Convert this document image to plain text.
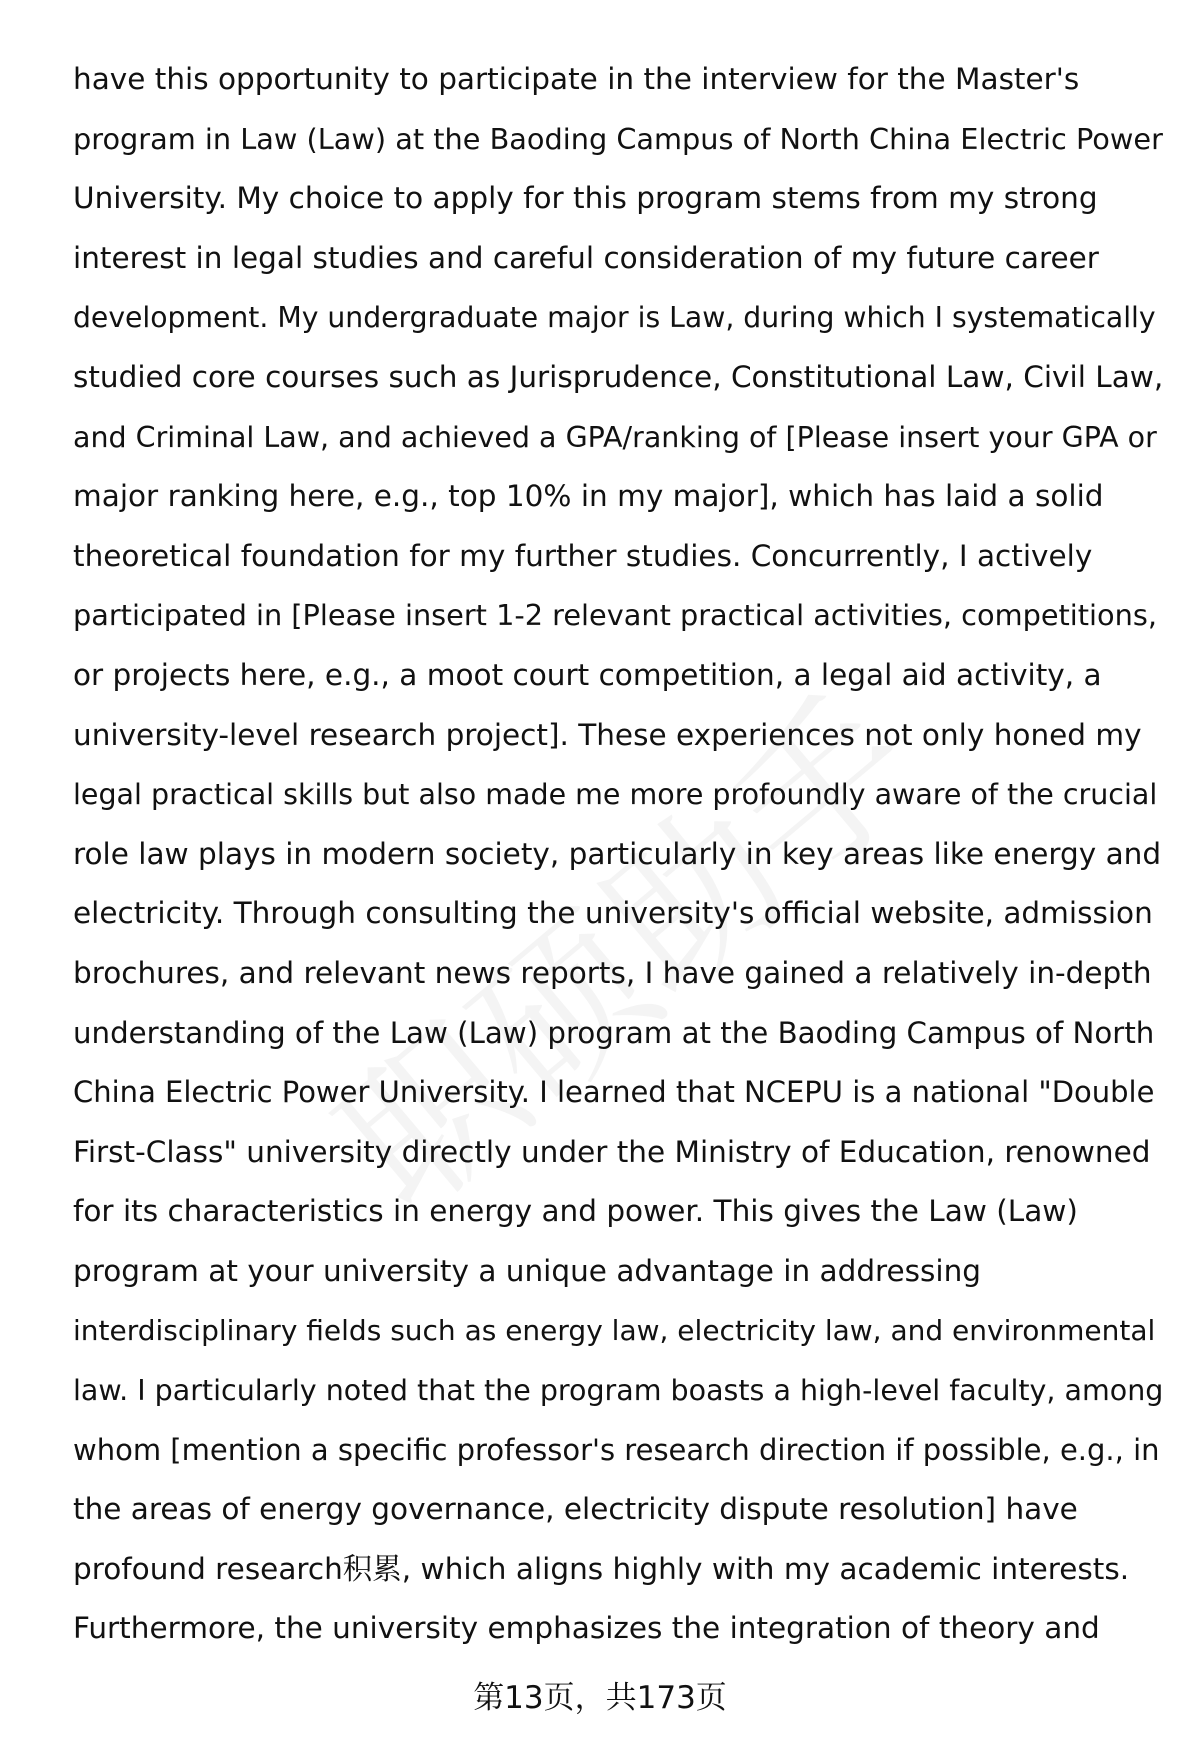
have this opportunity to participate in the interview for the Master's
program in Law (Law) at the Baoding Campus of North China Electric Power
University. My choice to apply for this program stems from my strong
interest in legal studies and careful consideration of my future career
development. My undergraduate major is Law, during which I systematically
studied core courses such as Jurisprudence, Constitutional Law, Civil Law,
and Criminal Law, and achieved a GPA/ranking of [Please insert your GPA or
major ranking here, e.g., top 10% in my major], which has laid a solid
theoretical foundation for my further studies. Concurrently, I actively
participated in [Please insert 1-2 relevant practical activities, competitions,
or projects here, e.g., a moot court competition, a legal aid activity, a
university-level research project]. These experiences not only honed my
legal practical skills but also made me more profoundly aware of the crucial
role law plays in modern society, particularly in key areas like energy and
electricity. Through consulting the university's official website, admission
brochures, and relevant news reports, I have gained a relatively in-depth
understanding of the Law (Law) program at the Baoding Campus of North
China Electric Power University. I learned that NCEPU is a national "Double
First-Class" university directly under the Ministry of Education, renowned
for its characteristics in energy and power. This gives the Law (Law)
program at your university a unique advantage in addressing
interdisciplinary fields such as energy law, electricity law, and environmental
law. I particularly noted that the program boasts a high-level faculty, among
whom [mention a specific professor's research direction if possible, e.g., in
the areas of energy governance, electricity dispute resolution] have
profound research积累, which aligns highly with my academic interests.
Furthermore, the university emphasizes the integration of theory and
第13页，共173页
